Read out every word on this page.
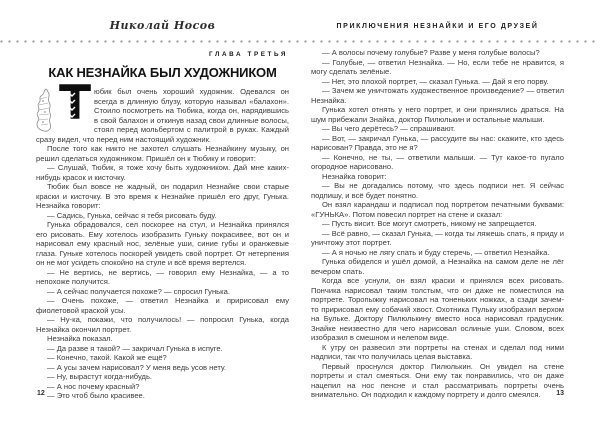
Николай Носов	ПРИКЛЮЧЕНИЯ НЕЗНАЙКИ И ЕГО ДРУЗЕЙ
ГЛАВА ТРЕТЬЯ
КАК НЕЗНАЙКА БЫЛ ХУДОЖНИКОМ

Т юбик был очень хороший художник. Одевался он всегда в длинную блузу, которую называл «балахон». Стоило посмотреть на Тюбика, когда он, нарядившись в свой балахон и откинув назад свои длинные волосы, стоял перед мольбертом с палитрой в руках. Каждый сразу видел, что перед ним настоящий художник.

После того как никто не захотел слушать Незнайкину музыку, он решил сделаться художником. Пришёл он к Тюбику и говорит:

— Слушай, Тюбик, я тоже хочу быть художником. Дай мне каких-нибудь красок и кисточку.

Тюбик был вовсе не жадный, он подарил Незнайке свои старые краски и кисточку. В это время к Незнайке пришёл его друг, Гунька. Незнайка говорит:

— Садись, Гунька, сейчас я тебя рисовать буду.

Гунька обрадовался, сел поскорее на стул, и Незнайка принялся его рисовать. Ему хотелось изобразить Гуньку покрасивее, вот он и нарисовал ему красный нос, зелёные уши, синие губы и оранжевые глаза. Гуньке хотелось поскорей увидеть свой портрет. От нетерпения он не мог усидеть спокойно на стуле и всё время вертелся.

— Не вертись, не вертись, — говорил ему Незнайка, — а то непохоже получится.

— А сейчас получается похоже? — спросил Гунька.

— Очень похоже, — ответил Незнайка и пририсовал ему фиолетовой краской усы.

— Ну-ка, покажи, что получилось! — попросил Гунька, когда Незнайка окончил портрет.

Незнайка показал.

— Да разве я такой? — закричал Гунька в испуге.

— Конечно, такой. Какой же ещё?

— А усы зачем нарисовал? У меня ведь усов нету.

— Ну, вырастут когда-нибудь.

— А нос почему красный?

— Это чтоб было красивее.

— А волосы почему голубые? Разве у меня голубые волосы?

— Голубые, — ответил Незнайка. — Но, если тебе не нравится, я могу сделать зелёные.

— Нет, это плохой портрет, — сказал Гунька. — Дай я его порву.

— Зачем же уничтожать художественное произведение? — ответил Незнайка.

Гунька хотел отнять у него портрет, и они принялись драться. На шум прибежали Знайка, доктор Пилюлькин и остальные малыши.

— Вы чего дерётесь? — спрашивают.

— Вот, — закричал Гунька, — рассудите вы нас: скажите, кто здесь нарисован? Правда, это не я?

— Конечно, не ты, — ответили малыши. — Тут какое-то пугало огородное нарисовано.

Незнайка говорит:

— Вы не догадались потому, что здесь подписи нет. Я сейчас подпишу, и всё будет понятно.

Он взял карандаш и подписал под портретом печатными буквами: «ГУНЬКА». Потом повесил портрет на стене и сказал:

— Пусть висит. Все могут смотреть, никому не запрещается.

— Всё равно, — сказал Гунька, — когда ты ляжешь спать, я приду и уничтожу этот портрет.

— А я ночью не лягу спать и буду стеречь, — ответил Незнайка.

Гунька обиделся и ушёл домой, а Незнайка на самом деле не лёг вечером спать.

Когда все уснули, он взял краски и принялся всех рисовать. Пончика нарисовал таким толстым, что он даже не поместился на портрете. Торопыжку нарисовал на тоненьких ножках, а сзади зачем-то пририсовал ему собачий хвост. Охотника Пульку изобразил верхом на Бульке. Доктору Пилюлькину вместо носа нарисовал градусник. Знайке неизвестно для чего нарисовал ослиные уши. Словом, всех изобразил в смешном и нелепом виде.

К утру он развесил эти портреты на стенах и сделал под ними надписи, так что получилась целая выставка.

Первый проснулся доктор Пилюлькин. Он увидел на стене портреты и стал смеяться. Они ему так понравились, что он даже нацепил на нос пенсне и стал рассматривать портреты очень внимательно. Он подходил к каждому портрету и долго смеялся.

12	13
